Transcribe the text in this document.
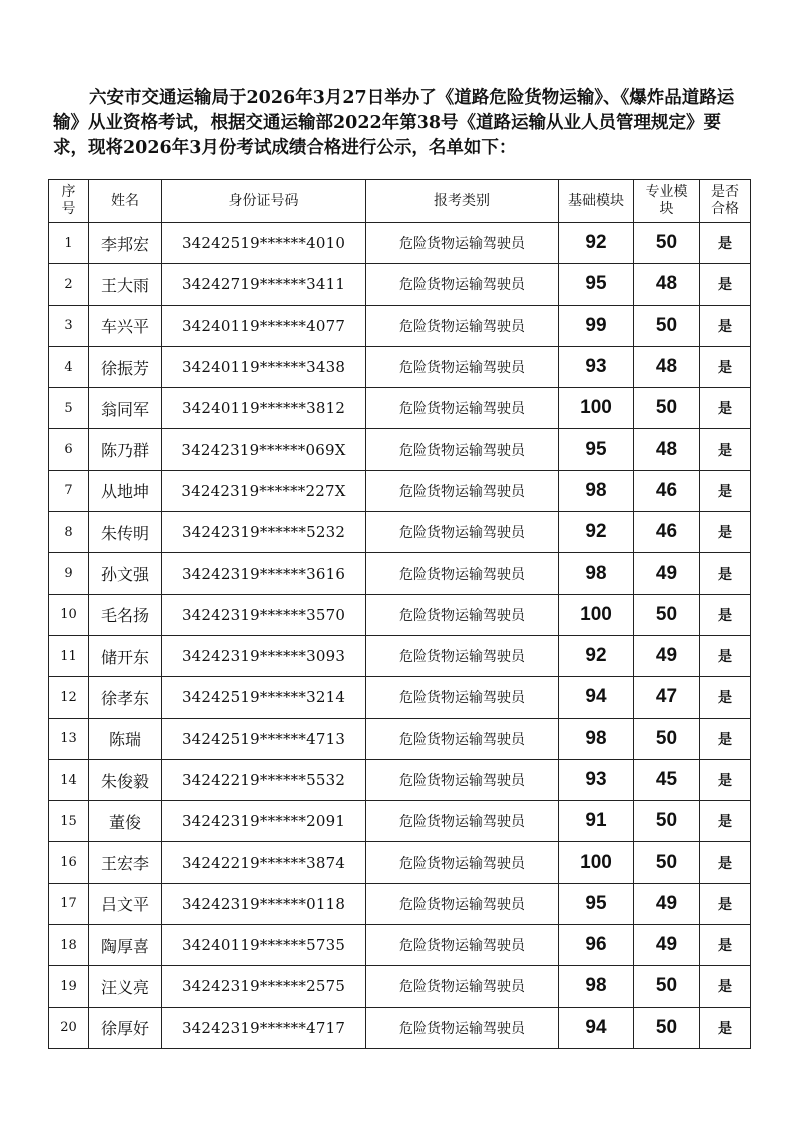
六安市交通运输局于2026年3月27日举办了《道路危险货物运输》、《爆炸品道路运输》从业资格考试，根据交通运输部2022年第38号《道路运输从业人员管理规定》要求，现将2026年3月份考试成绩合格进行公示，名单如下：

序号	姓名	身份证号码	报考类别	基础模块	专业模块	是否合格
1	李邦宏	34242519******4010	危险货物运输驾驶员	92	50	是
2	王大雨	34242719******3411	危险货物运输驾驶员	95	48	是
3	车兴平	34240119******4077	危险货物运输驾驶员	99	50	是
4	徐振芳	34240119******3438	危险货物运输驾驶员	93	48	是
5	翁同军	34240119******3812	危险货物运输驾驶员	100	50	是
6	陈乃群	34242319******069X	危险货物运输驾驶员	95	48	是
7	从地坤	34242319******227X	危险货物运输驾驶员	98	46	是
8	朱传明	34242319******5232	危险货物运输驾驶员	92	46	是
9	孙文强	34242319******3616	危险货物运输驾驶员	98	49	是
10	毛名扬	34242319******3570	危险货物运输驾驶员	100	50	是
11	储开东	34242319******3093	危险货物运输驾驶员	92	49	是
12	徐孝东	34242519******3214	危险货物运输驾驶员	94	47	是
13	陈瑞	34242519******4713	危险货物运输驾驶员	98	50	是
14	朱俊毅	34242219******5532	危险货物运输驾驶员	93	45	是
15	董俊	34242319******2091	危险货物运输驾驶员	91	50	是
16	王宏李	34242219******3874	危险货物运输驾驶员	100	50	是
17	吕文平	34242319******0118	危险货物运输驾驶员	95	49	是
18	陶厚喜	34240119******5735	危险货物运输驾驶员	96	49	是
19	汪义亮	34242319******2575	危险货物运输驾驶员	98	50	是
20	徐厚好	34242319******4717	危险货物运输驾驶员	94	50	是
